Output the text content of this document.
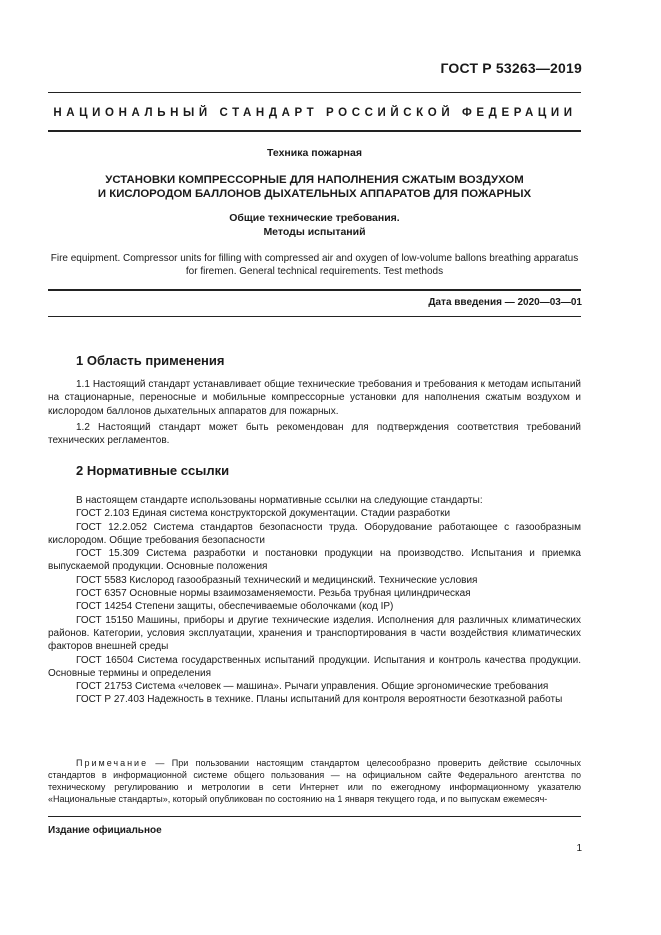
ГОСТ Р 53263—2019
НАЦИОНАЛЬНЫЙ СТАНДАРТ РОССИЙСКОЙ ФЕДЕРАЦИИ
Техника пожарная
УСТАНОВКИ КОМПРЕССОРНЫЕ ДЛЯ НАПОЛНЕНИЯ СЖАТЫМ ВОЗДУХОМ
И КИСЛОРОДОМ БАЛЛОНОВ ДЫХАТЕЛЬНЫХ АППАРАТОВ ДЛЯ ПОЖАРНЫХ
Общие технические требования.
Методы испытаний
Fire equipment. Compressor units for filling with compressed air and oxygen of low-volume ballons breathing apparatus
for firemen. General technical requirements. Test methods
Дата введения — 2020—03—01
1 Область применения
1.1 Настоящий стандарт устанавливает общие технические требования и требования к методам испытаний на стационарные, переносные и мобильные компрессорные установки для наполнения сжатым воздухом и кислородом баллонов дыхательных аппаратов для пожарных.
1.2 Настоящий стандарт может быть рекомендован для подтверждения соответствия требований технических регламентов.
2 Нормативные ссылки

В настоящем стандарте использованы нормативные ссылки на следующие стандарты:

ГОСТ 2.103 Единая система конструкторской документации. Стадии разработки

ГОСТ 12.2.052 Система стандартов безопасности труда. Оборудование работающее с газообразным кислородом. Общие требования безопасности

ГОСТ 15.309 Система разработки и постановки продукции на производство. Испытания и приемка выпускаемой продукции. Основные положения

ГОСТ 5583 Кислород газообразный технический и медицинский. Технические условия

ГОСТ 6357 Основные нормы взаимозаменяемости. Резьба трубная цилиндрическая

ГОСТ 14254 Степени защиты, обеспечиваемые оболочками (код IP)

ГОСТ 15150 Машины, приборы и другие технические изделия. Исполнения для различных климатических районов. Категории, условия эксплуатации, хранения и транспортирования в части воздействия климатических факторов внешней среды

ГОСТ 16504 Система государственных испытаний продукции. Испытания и контроль качества продукции. Основные термины и определения

ГОСТ 21753 Система «человек — машина». Рычаги управления. Общие эргономические требования

ГОСТ Р 27.403 Надежность в технике. Планы испытаний для контроля вероятности безотказной работы

Примечание — При пользовании настоящим стандартом целесообразно проверить действие ссылочных стандартов в информационной системе общего пользования — на официальном сайте Федерального агентства по техническому регулированию и метрологии в сети Интернет или по ежегодному информационному указателю «Национальные стандарты», который опубликован по состоянию на 1 января текущего года, и по выпускам ежемесяч-
Издание официальное
1
